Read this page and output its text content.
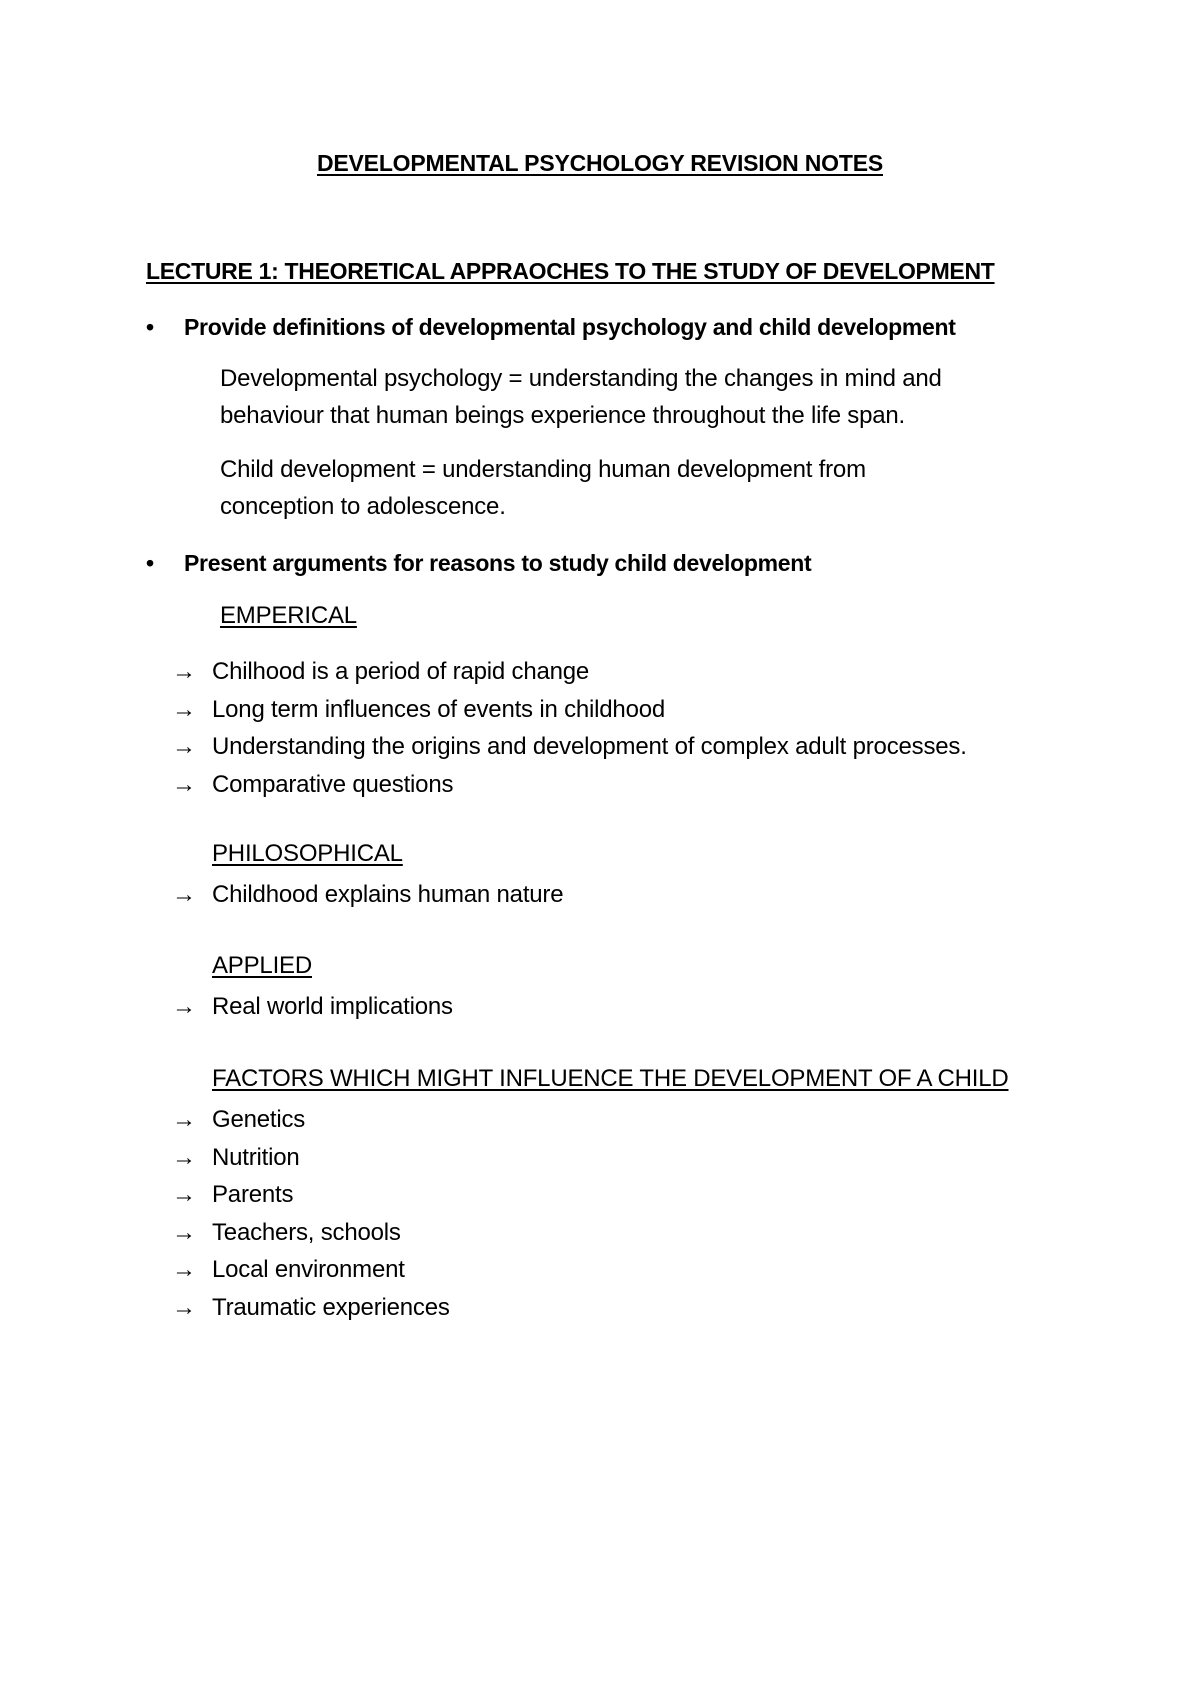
DEVELOPMENTAL PSYCHOLOGY REVISION NOTES
LECTURE 1: THEORETICAL APPRAOCHES TO THE STUDY OF DEVELOPMENT
• Provide definitions of developmental psychology and child development
Developmental psychology = understanding the changes in mind and
behaviour that human beings experience throughout the life span.
Child development = understanding human development from
conception to adolescence.
• Present arguments for reasons to study child development
EMPERICAL
→ Chilhood is a period of rapid change
→ Long term influences of events in childhood
→ Understanding the origins and development of complex adult processes.
→ Comparative questions
PHILOSOPHICAL
→ Childhood explains human nature
APPLIED
→ Real world implications
FACTORS WHICH MIGHT INFLUENCE THE DEVELOPMENT OF A CHILD
→ Genetics
→ Nutrition
→ Parents
→ Teachers, schools
→ Local environment
→ Traumatic experiences
